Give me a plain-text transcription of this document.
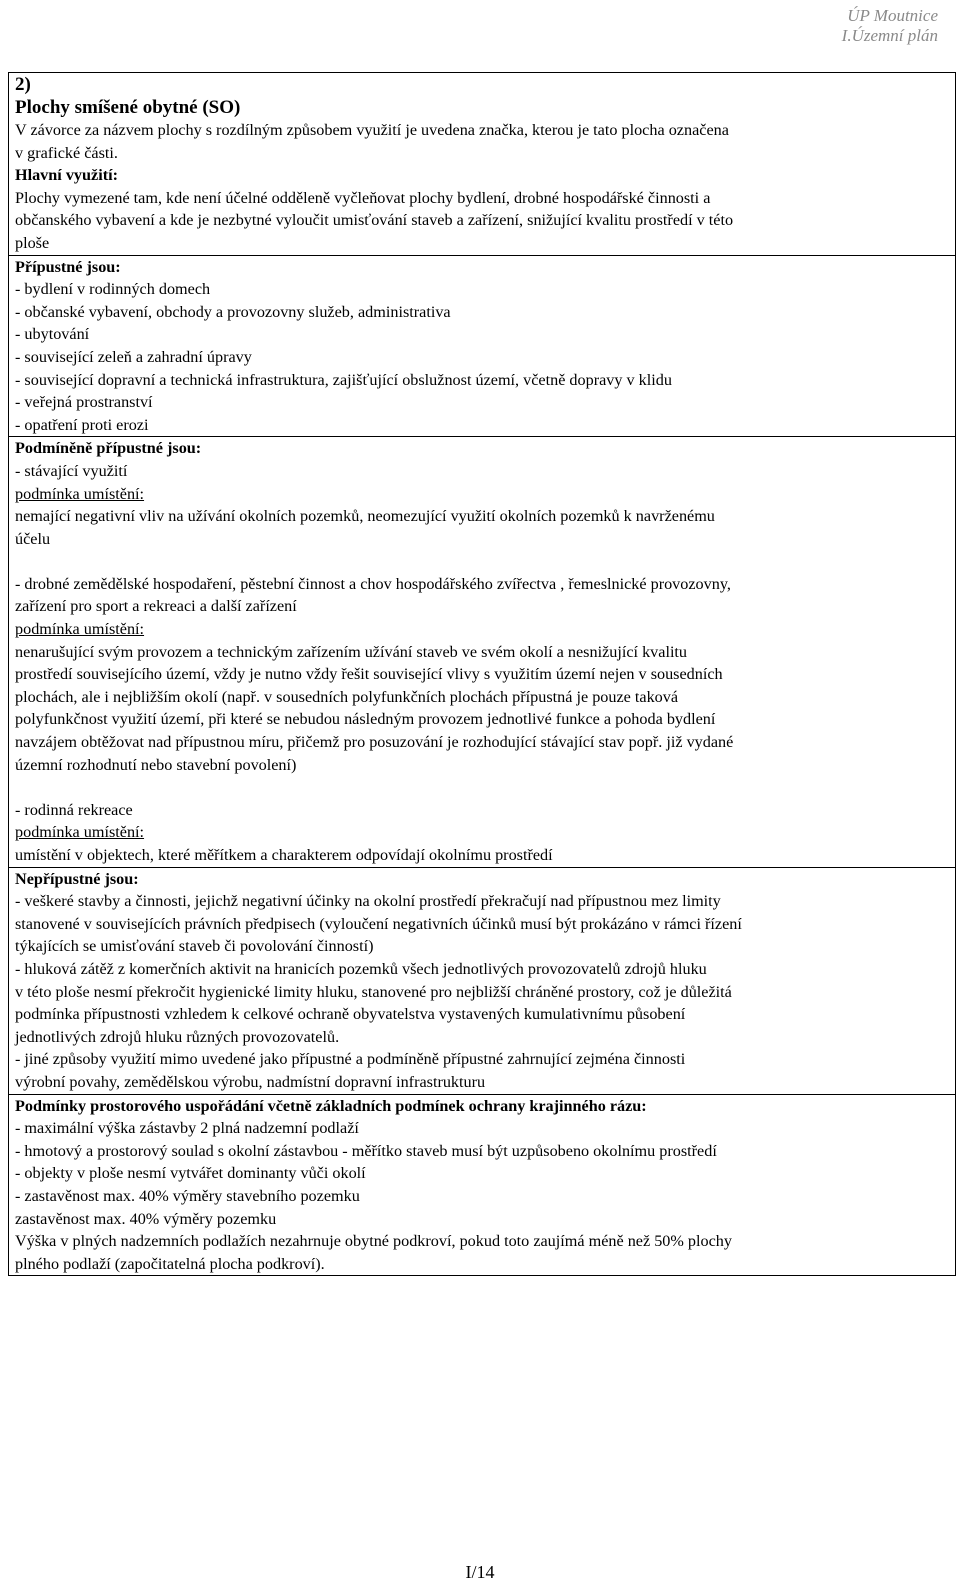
ÚP Moutnice
I.Územní plán
2)
Plochy smíšené obytné (SO)
V závorce za názvem plochy s rozdílným způsobem využití je uvedena značka, kterou je tato plocha označena
v grafické části.
Hlavní využití:
Plochy vymezené tam, kde není účelné odděleně vyčleňovat plochy bydlení, drobné hospodářské činnosti a
občanského vybavení a kde je nezbytné vyloučit umisťování staveb a zařízení, snižující kvalitu prostředí v této
ploše
Přípustné jsou:
- bydlení v rodinných domech
- občanské vybavení, obchody a provozovny služeb, administrativa
- ubytování
- související zeleň a zahradní úpravy
- související dopravní a technická infrastruktura, zajišťující obslužnost území, včetně dopravy v klidu
- veřejná prostranství
- opatření proti erozi
Podmíněně přípustné jsou:
- stávající využití
podmínka umístění:
nemající negativní vliv na užívání okolních pozemků, neomezující využití okolních pozemků k navrženému
účelu
- drobné zemědělské hospodaření, pěstební činnost a chov hospodářského zvířectva , řemeslnické provozovny,
zařízení pro sport a rekreaci a další zařízení
podmínka umístění:
nenarušující svým provozem a technickým zařízením užívání staveb ve svém okolí a nesnižující kvalitu
prostředí souvisejícího území, vždy je nutno vždy řešit související vlivy s využitím území nejen v sousedních
plochách, ale i nejbližším okolí (např. v sousedních polyfunkčních plochách přípustná je pouze taková
polyfunkčnost využití území, při které se nebudou následným provozem jednotlivé funkce a pohoda bydlení
navzájem obtěžovat nad přípustnou míru, přičemž pro posuzování je rozhodující stávající stav popř. již vydané
územní rozhodnutí nebo stavební povolení)
- rodinná rekreace
podmínka umístění:
umístění v objektech, které měřítkem a charakterem odpovídají okolnímu prostředí
Nepřípustné jsou:
- veškeré stavby a činnosti, jejichž negativní účinky na okolní prostředí překračují nad přípustnou mez limity
stanovené v souvisejících právních předpisech (vyloučení negativních účinků musí být prokázáno v rámci řízení
týkajících se umisťování staveb či povolování činností)
- hluková zátěž z komerčních aktivit na hranicích pozemků všech jednotlivých provozovatelů zdrojů hluku
v této ploše nesmí překročit hygienické limity hluku, stanovené pro nejbližší chráněné prostory, což je důležitá
podmínka přípustnosti vzhledem k celkové ochraně obyvatelstva vystavených kumulativnímu působení
jednotlivých zdrojů hluku různých provozovatelů.
- jiné způsoby využití mimo uvedené jako přípustné a podmíněně přípustné zahrnující zejména činnosti
výrobní povahy, zemědělskou výrobu, nadmístní dopravní infrastrukturu
Podmínky prostorového uspořádání včetně základních podmínek ochrany krajinného rázu:
- maximální výška zástavby 2 plná nadzemní podlaží
- hmotový a prostorový soulad s okolní zástavbou - měřítko staveb musí být uzpůsobeno okolnímu prostředí
- objekty v ploše nesmí vytvářet dominanty vůči okolí
- zastavěnost max. 40% výměry stavebního pozemku
zastavěnost max. 40% výměry pozemku
Výška v plných nadzemních podlažích nezahrnuje obytné podkroví, pokud toto zaujímá méně než 50% plochy
plného podlaží (započitatelná plocha podkroví).
I/14
